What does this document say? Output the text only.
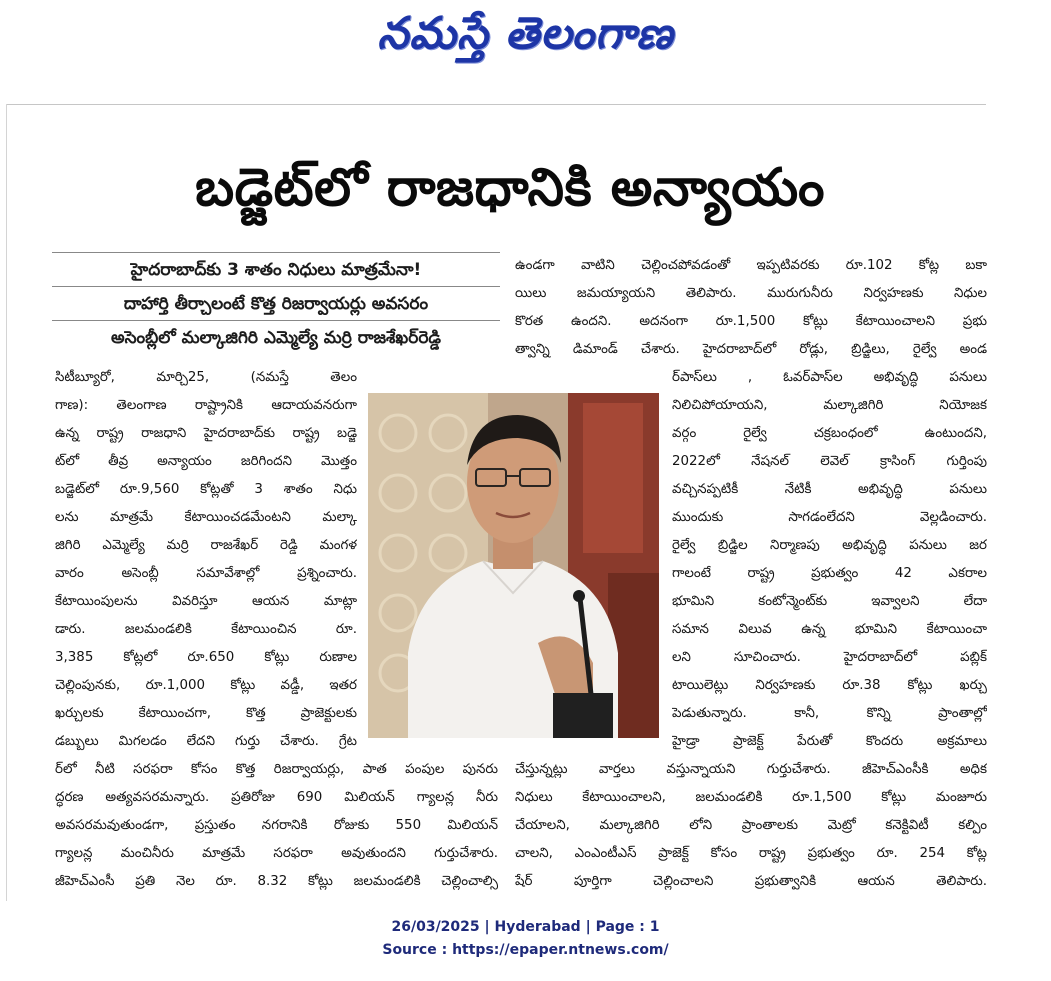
నమస్తే తెలంగాణ
బడ్జెట్‌లో రాజధానికి అన్యాయం
హైదరాబాద్‌కు 3 శాతం నిధులు మాత్రమేనా!
దాహార్తి తీర్చాలంటే కొత్త రిజర్వాయర్లు అవసరం
అసెంబ్లీలో మల్కాజిగిరి ఎమ్మెల్యే మర్రి రాజశేఖర్‌రెడ్డి
సిటీబ్యూరో, మార్చి25, (నమస్తే తెలం
గాణ): తెలంగాణ రాష్ట్రానికి ఆదాయవనరుగా
ఉన్న రాష్ట్ర రాజధాని హైదరాబాద్‌కు రాష్ట్ర బడ్జె
ట్‌లో తీవ్ర అన్యాయం జరిగిందని మొత్తం
బడ్జెట్‌లో రూ.9,560 కోట్లతో 3 శాతం నిధు
లను మాత్రమే కేటాయించడమేంటని మల్కా
జిగిరి ఎమ్మెల్యే మర్రి రాజశేఖర్ రెడ్డి మంగళ
వారం అసెంబ్లీ సమావేశాల్లో ప్రశ్నించారు.
కేటాయింపులను వివరిస్తూ ఆయన మాట్లా
డారు. జలమండలికి కేటాయించిన రూ.
3,385 కోట్లలో రూ.650 కోట్లు రుణాల
చెల్లింపునకు, రూ.1,000 కోట్లు వడ్డీ, ఇతర
ఖర్చులకు కేటాయించగా, కొత్త ప్రాజెక్టులకు
డబ్బులు మిగలడం లేదని గుర్తు చేశారు. గ్రేట
ర్‌లో నీటి సరఫరా కోసం కొత్త రిజర్వాయర్లు, పాత పంపుల పునరు
ద్ధరణ అత్యవసరమన్నారు. ప్రతిరోజు 690 మిలియన్ గ్యాలన్ల నీరు
అవసరమవుతుండగా, ప్రస్తుతం నగరానికి రోజుకు 550 మిలియన్
గ్యాలన్ల మంచినీరు మాత్రమే సరఫరా అవుతుందని గుర్తుచేశారు.
జీహెచ్‌ఎంసీ ప్రతి నెల రూ. 8.32 కోట్లు జలమండలికి చెల్లించాల్సి
ఉండగా వాటిని చెల్లించపోవడంతో ఇప్పటివరకు రూ.102 కోట్ల బకా
యిలు జమయ్యాయని తెలిపారు. మురుగునీరు నిర్వహణకు నిధుల
కొరత ఉందని. అదనంగా రూ.1,500 కోట్లు కేటాయించాలని ప్రభు
త్వాన్ని డిమాండ్ చేశారు. హైదరాబాద్‌లో రోడ్లు, బ్రిడ్జిలు, రైల్వే అండ
ర్‌పాస్‌లు , ఓవర్‌పాస్‌ల అభివృద్ధి పనులు
నిలిచిపోయాయని, మల్కాజిగిరి నియోజక
వర్గం రైల్వే చక్రబంధంలో ఉంటుందని,
2022లో నేషనల్ లెవెల్ క్రాసింగ్ గుర్తింపు
వచ్చినప్పటికీ నేటికీ అభివృద్ధి పనులు
ముందుకు సాగడంలేదని వెల్లడించారు.
రైల్వే బ్రిడ్జిల నిర్మాణపు అభివృద్ధి పనులు జర
గాలంటే రాష్ట్ర ప్రభుత్వం 42 ఎకరాల
భూమిని కంటోన్మెంట్‌కు ఇవ్వాలని లేదా
సమాన విలువ ఉన్న భూమిని కేటాయించా
లని సూచించారు. హైదరాబాద్‌లో పబ్లిక్
టాయిలెట్లు నిర్వహణకు రూ.38 కోట్లు ఖర్చు
పెడుతున్నారు. కానీ, కొన్ని ప్రాంతాల్లో
హైడ్రా ప్రాజెక్ట్ పేరుతో కొందరు అక్రమాలు
చేస్తున్నట్లు వార్తలు వస్తున్నాయని గుర్తుచేశారు. జీహెచ్‌ఎంసీకి అధిక
నిధులు కేటాయించాలని, జలమండలికి రూ.1,500 కోట్లు మంజూరు
చేయాలని, మల్కాజిగిరి లోని ప్రాంతాలకు మెట్రో కనెక్టివిటీ కల్పిం
చాలని, ఎంఎంటీఎస్ ప్రాజెక్ట్ కోసం రాష్ట్ర ప్రభుత్వం రూ. 254 కోట్ల
షేర్ పూర్తిగా చెల్లించాలని ప్రభుత్వానికి ఆయన తెలిపారు.
26/03/2025 | Hyderabad | Page : 1
Source : https://epaper.ntnews.com/
